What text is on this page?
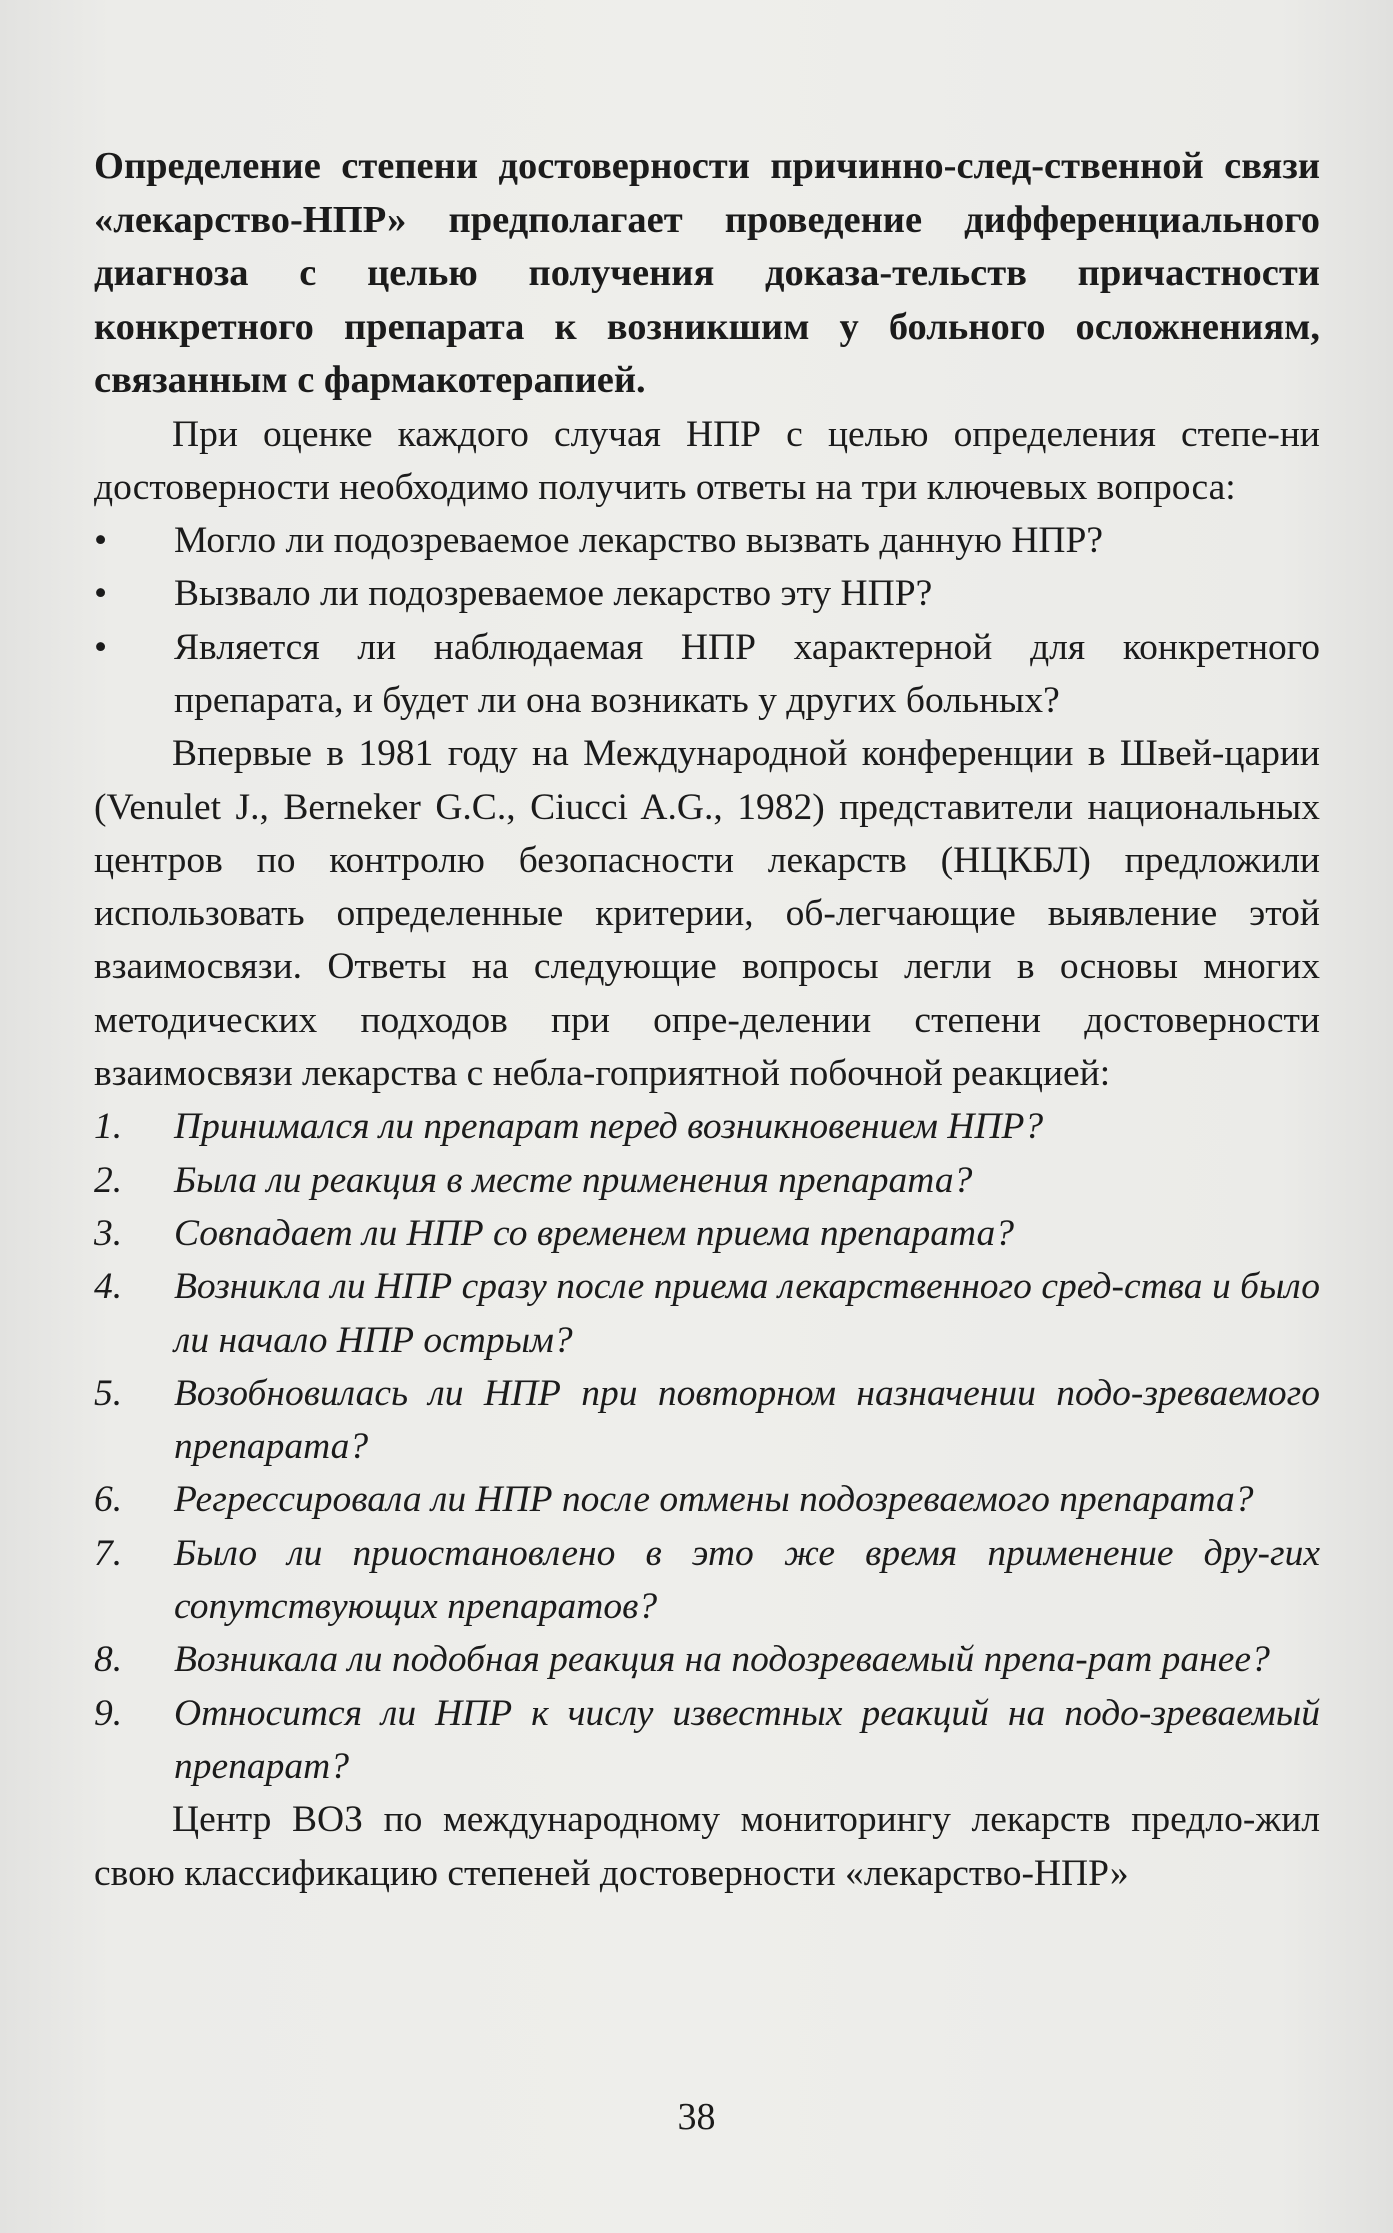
Определение степени достоверности причинно-след-ственной связи «лекарство-НПР» предполагает проведение дифференциального диагноза с целью получения доказа-тельств причастности конкретного препарата к возникшим у больного осложнениям, связанным с фармакотерапией.

При оценке каждого случая НПР с целью определения степе-ни достоверности необходимо получить ответы на три ключевых вопроса:

• Могло ли подозреваемое лекарство вызвать данную НПР?
• Вызвало ли подозреваемое лекарство эту НПР?
• Является ли наблюдаемая НПР характерной для конкретного препарата, и будет ли она возникать у других больных?

Впервые в 1981 году на Международной конференции в Швей-царии (Venulet J., Berneker G.C., Ciucci A.G., 1982) представители национальных центров по контролю безопасности лекарств (НЦКБЛ) предложили использовать определенные критерии, об-легчающие выявление этой взаимосвязи. Ответы на следующие вопросы легли в основы многих методических подходов при опре-делении степени достоверности взаимосвязи лекарства с небла-гоприятной побочной реакцией:

1.	Принимался ли препарат перед возникновением НПР?
2.	Была ли реакция в месте применения препарата?
3.	Совпадает ли НПР со временем приема препарата?
4.	Возникла ли НПР сразу после приема лекарственного сред-ства и было ли начало НПР острым?
5.	Возобновилась ли НПР при повторном назначении подо-зреваемого препарата?
6.	Регрессировала ли НПР после отмены подозреваемого препарата?
7.	Было ли приостановлено в это же время применение дру-гих сопутствующих препаратов?
8.	Возникала ли подобная реакция на подозреваемый препа-рат ранее?
9.	Относится ли НПР к числу известных реакций на подо-зреваемый препарат?

Центр ВОЗ по международному мониторингу лекарств предло-жил свою классификацию степеней достоверности «лекарство-НПР»

38
